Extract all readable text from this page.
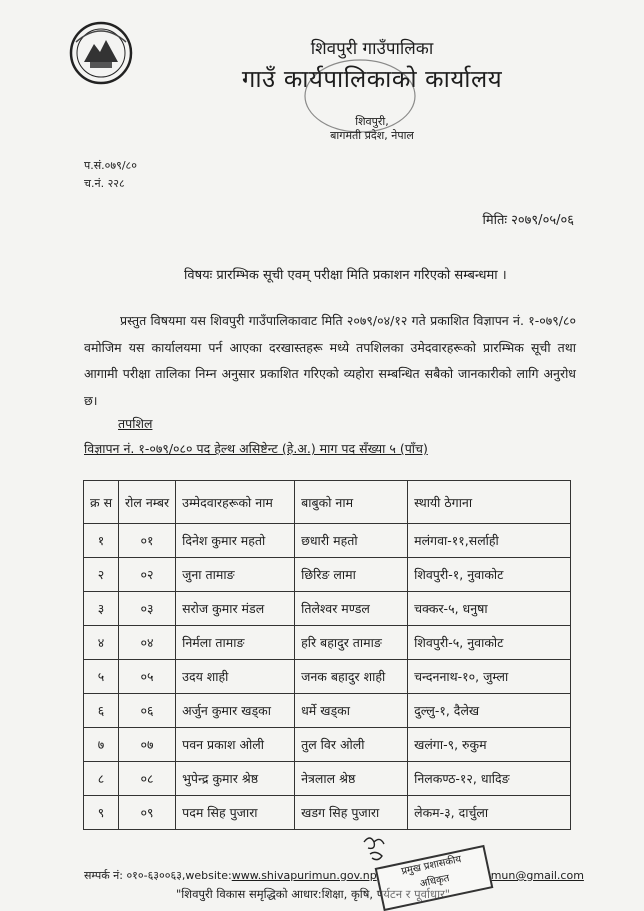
शिवपुरी गाउँपालिका
गाउँ कार्यपालिकाको कार्यालय
शिवपुरी,
बागमती प्रदेश, नेपाल
प.सं.०७९/८०
च.नं. २२८
मितिः २०७९/०५/०६
विषयः प्रारम्भिक सूची एवम् परीक्षा मिति प्रकाशन गरिएको सम्बन्धमा ।
प्रस्तुत विषयमा यस शिवपुरी गाउँपालिकावाट मिति २०७९/०४/१२ गते प्रकाशित विज्ञापन नं. १-०७९/८० वमोजिम यस कार्यालयमा पर्न आएका दरखास्तहरू मध्ये तपशिलका उमेदवारहरूको प्रारम्भिक सूची तथा आगामी परीक्षा तालिका निम्न अनुसार प्रकाशित गरिएको व्यहोरा सम्बन्धित सबैको जानकारीको लागि अनुरोध छ।
तपशिल
विज्ञापन नं. १-०७९/०८० पद हेल्थ असिष्टेन्ट (हे.अ.) माग पद सँख्या ५ (पाँच)
क्र स	रोल नम्बर	उम्मेदवारहरूको नाम	बाबुको नाम	स्थायी ठेगाना
१	०१	दिनेश कुमार महतो	छधारी महतो	मलंगवा-११,सर्लाही
२	०२	जुना तामाङ	छिरिङ लामा	शिवपुरी-१, नुवाकोट
३	०३	सरोज कुमार मंडल	तिलेश्वर मण्डल	चक्कर-५, धनुषा
४	०४	निर्मला तामाङ	हरि बहादुर तामाङ	शिवपुरी-५, नुवाकोट
५	०५	उदय शाही	जनक बहादुर शाही	चन्दननाथ-१०, जुम्ला
६	०६	अर्जुन कुमार खड्का	धर्मे खड्का	दुल्लु-१, दैलेख
७	०७	पवन प्रकाश ओली	तुल विर ओली	खलंगा-९, रुकुम
८	०८	भुपेन्द्र कुमार श्रेष्ठ	नेत्रलाल श्रेष्ठ	निलकण्ठ-१२, धादिङ
९	०९	पदम सिह पुजारा	खडग सिह पुजारा	लेकम-३, दार्चुला
सम्पर्क नं: ०१०-६३००६३,website:www.shivapurimun.gov.np	mun@gmail.com
"शिवपुरी विकास समृद्धिको आधार:शिक्षा, कृषि, पर्यटन र पूर्वाधार"
प्रमुख प्रशासकीय
अधिकृत
